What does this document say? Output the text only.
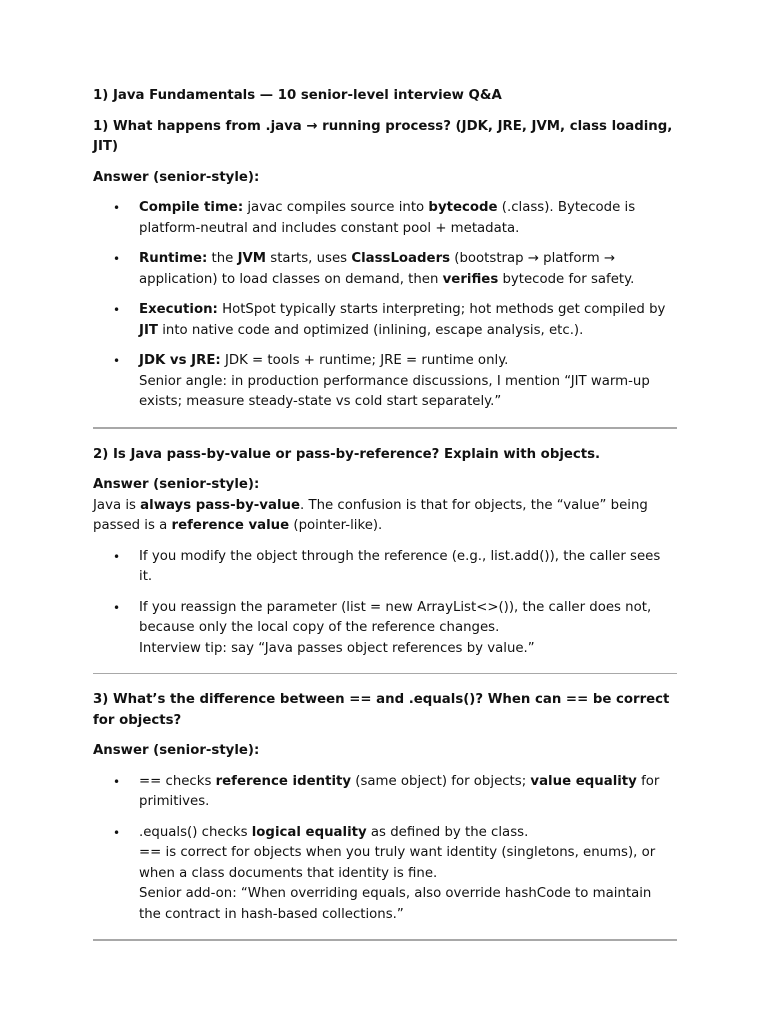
1) Java Fundamentals — 10 senior-level interview Q&A

1) What happens from .java → running process? (JDK, JRE, JVM, class loading, JIT)

Answer (senior-style):

• Compile time: javac compiles source into bytecode (.class). Bytecode is platform-neutral and includes constant pool + metadata.
• Runtime: the JVM starts, uses ClassLoaders (bootstrap → platform → application) to load classes on demand, then verifies bytecode for safety.
• Execution: HotSpot typically starts interpreting; hot methods get compiled by JIT into native code and optimized (inlining, escape analysis, etc.).
• JDK vs JRE: JDK = tools + runtime; JRE = runtime only.
Senior angle: in production performance discussions, I mention “JIT warm-up exists; measure steady-state vs cold start separately.”

2) Is Java pass-by-value or pass-by-reference? Explain with objects.

Answer (senior-style):

Java is always pass-by-value. The confusion is that for objects, the “value” being passed is a reference value (pointer-like).

• If you modify the object through the reference (e.g., list.add()), the caller sees it.
• If you reassign the parameter (list = new ArrayList<>()), the caller does not, because only the local copy of the reference changes.
Interview tip: say “Java passes object references by value.”

3) What’s the difference between == and .equals()? When can == be correct for objects?

Answer (senior-style):

• == checks reference identity (same object) for objects; value equality for primitives.
• .equals() checks logical equality as defined by the class.
== is correct for objects when you truly want identity (singletons, enums), or when a class documents that identity is fine.
Senior add-on: “When overriding equals, also override hashCode to maintain the contract in hash-based collections.”
